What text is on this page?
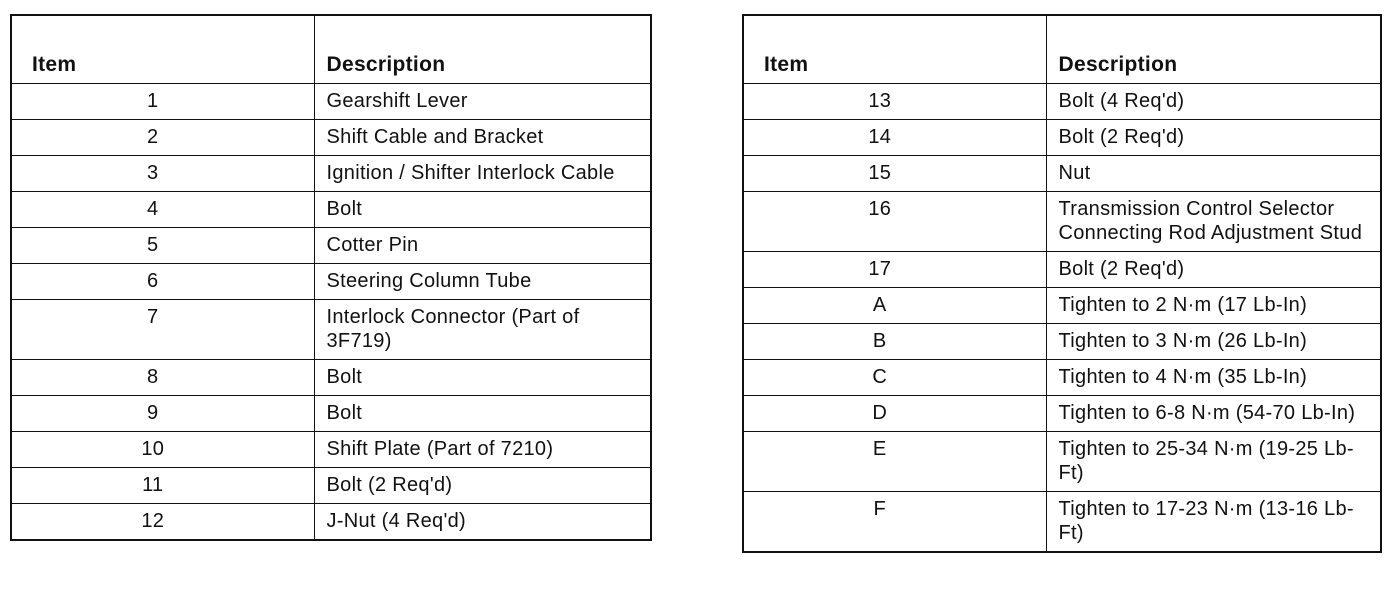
Item	Description
1	Gearshift Lever
2	Shift Cable and Bracket
3	Ignition / Shifter Interlock Cable
4	Bolt
5	Cotter Pin
6	Steering Column Tube
7	Interlock Connector (Part of 3F719)
8	Bolt
9	Bolt
10	Shift Plate (Part of 7210)
11	Bolt (2 Req'd)
12	J-Nut (4 Req'd)
Item	Description
13	Bolt (4 Req'd)
14	Bolt (2 Req'd)
15	Nut
16	Transmission Control Selector Connecting Rod Adjustment Stud
17	Bolt (2 Req'd)
A	Tighten to 2 N·m (17 Lb-In)
B	Tighten to 3 N·m (26 Lb-In)
C	Tighten to 4 N·m (35 Lb-In)
D	Tighten to 6-8 N·m (54-70 Lb-In)
E	Tighten to 25-34 N·m (19-25 Lb-Ft)
F	Tighten to 17-23 N·m (13-16 Lb-Ft)
